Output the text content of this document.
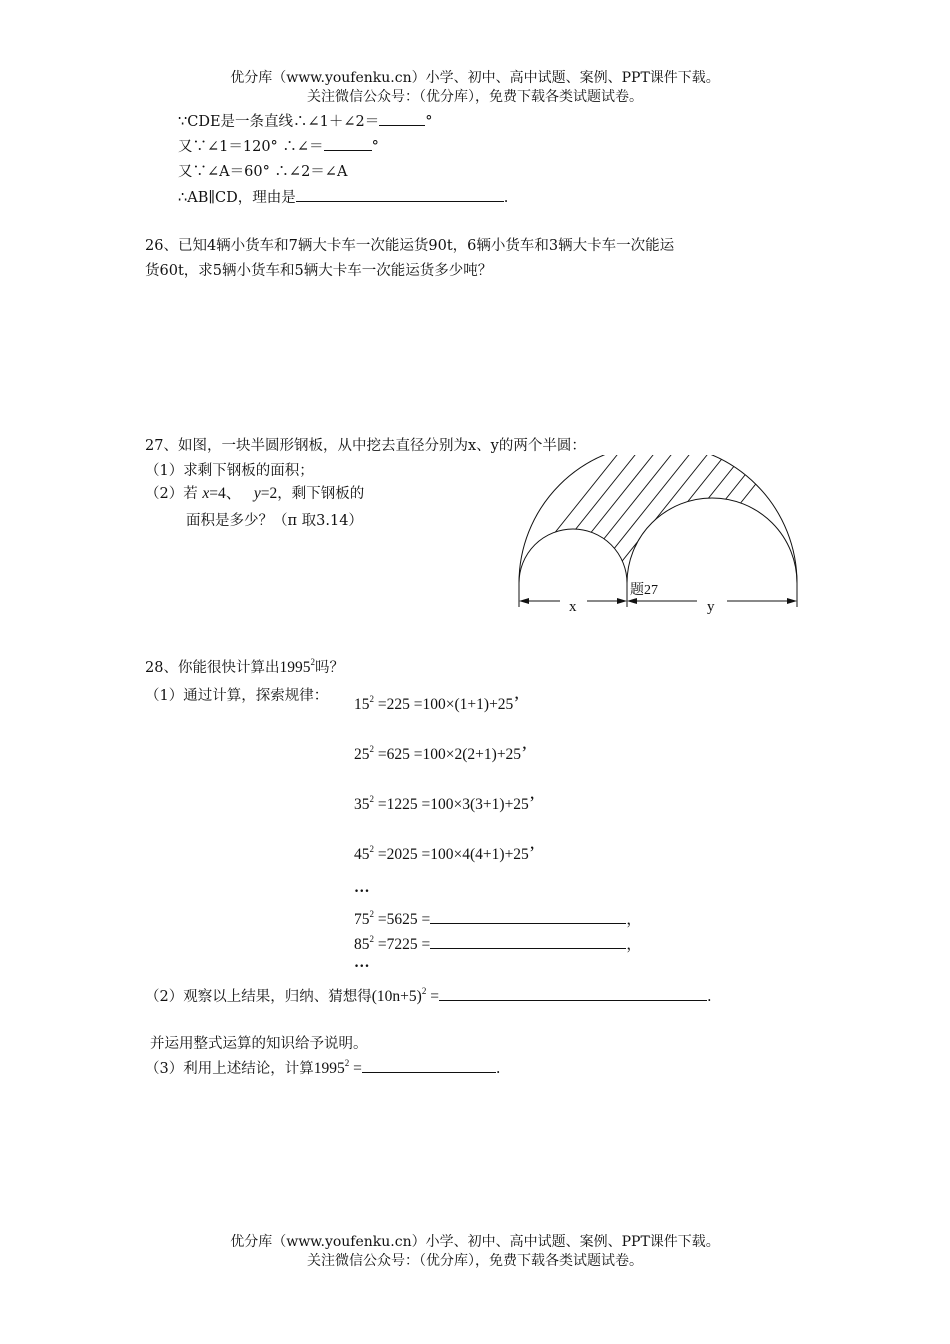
优分库（www.youfenku.cn）小学、初中、高中试题、案例、PPT课件下载。
关注微信公众号：（优分库），免费下载各类试题试卷。
∵CDE是一条直线∴∠1＋∠2＝	°
又∵∠1＝120° ∴∠＝	°
又∵∠A＝60° ∴∠2＝∠A
∴AB∥CD，理由是	.
26、已知4辆小货车和7辆大卡车一次能运货90t，6辆小货车和3辆大卡车一次能运
货60t，求5辆小货车和5辆大卡车一次能运货多少吨？
27、如图，一块半圆形钢板，从中挖去直径分别为x、y的两个半圆：
（1）求剩下钢板的面积；
（2）若 x=4、 y=2，剩下钢板的
面积是多少？（π 取3.14）
题27
x	y
28、你能很快计算出1995$^2$吗？
（1）通过计算，探索规律： $15^2 =225 =100\times(1+1)+25$’
$25^2 =625 =100\times 2(2+1)+25$’
$35^2 =1225 =100\times 3(3+1)+25$’
$45^2 =2025 =100\times 4(4+1)+25$’
…
$75^2 =5625$ =	，
$85^2 =7225$ =	，
…
（2）观察以上结果，归纳、猜想得$(10n+5)^2$ =	.
并运用整式运算的知识给予说明。
（3）利用上述结论，计算$1995^2$ =	.
优分库（www.youfenku.cn）小学、初中、高中试题、案例、PPT课件下载。
关注微信公众号：（优分库），免费下载各类试题试卷。
